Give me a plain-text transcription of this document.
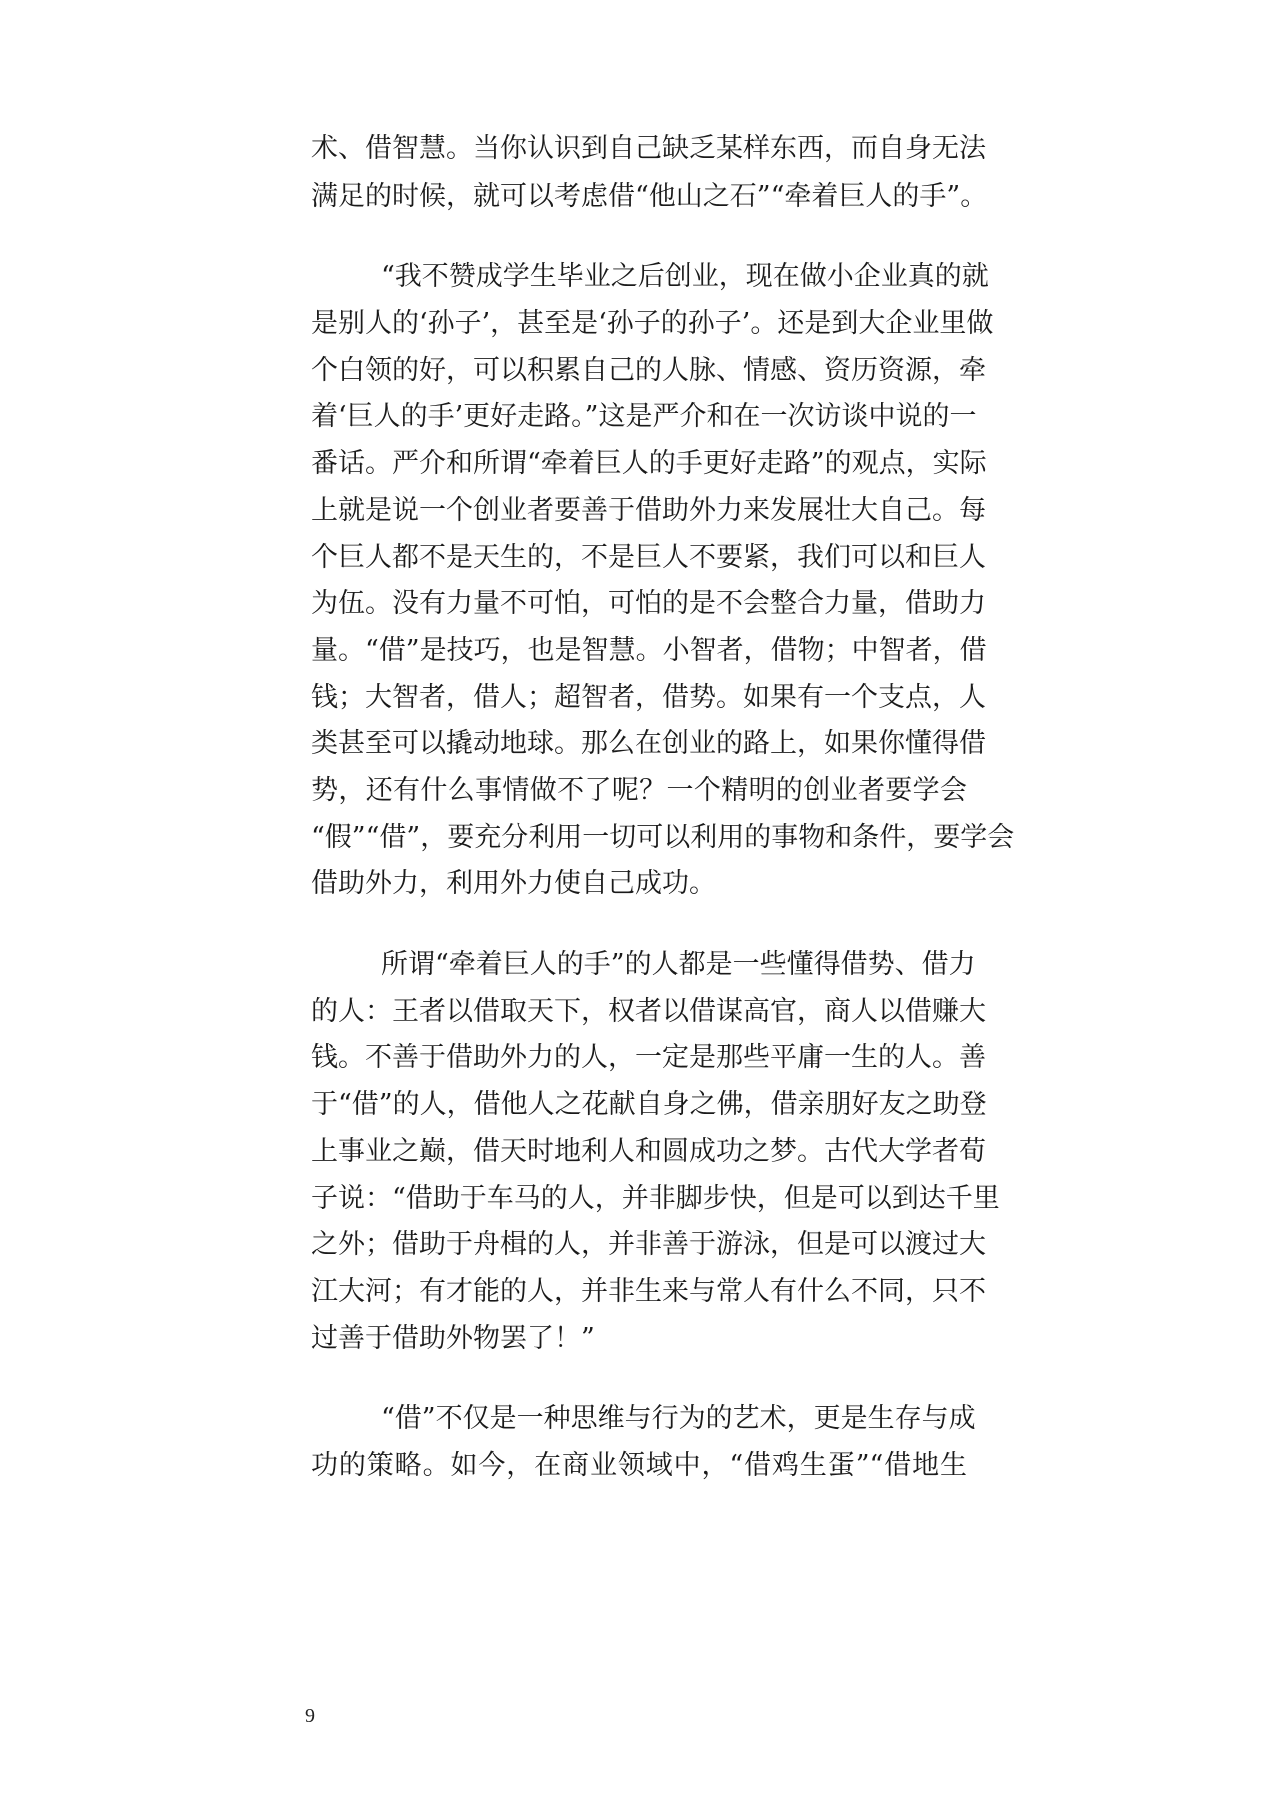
术、借智慧。当你认识到自己缺乏某样东西，而自身无法
满足的时候，就可以考虑借“他山之石”“牵着巨人的手”。
“我不赞成学生毕业之后创业，现在做小企业真的就
是别人的‘孙子’，甚至是‘孙子的孙子’。还是到大企业里做
个白领的好，可以积累自己的人脉、情感、资历资源，牵
着‘巨人的手’更好走路。”这是严介和在一次访谈中说的一
番话。严介和所谓“牵着巨人的手更好走路”的观点，实际
上就是说一个创业者要善于借助外力来发展壮大自己。每
个巨人都不是天生的，不是巨人不要紧，我们可以和巨人
为伍。没有力量不可怕，可怕的是不会整合力量，借助力
量。“借”是技巧，也是智慧。小智者，借物；中智者，借
钱；大智者，借人；超智者，借势。如果有一个支点，人
类甚至可以撬动地球。那么在创业的路上，如果你懂得借
势，还有什么事情做不了呢？一个精明的创业者要学会
“假”“借”，要充分利用一切可以利用的事物和条件，要学会
借助外力，利用外力使自己成功。
所谓“牵着巨人的手”的人都是一些懂得借势、借力
的人：王者以借取天下，权者以借谋高官，商人以借赚大
钱。不善于借助外力的人，一定是那些平庸一生的人。善
于“借”的人，借他人之花献自身之佛，借亲朋好友之助登
上事业之巅，借天时地利人和圆成功之梦。古代大学者荀
子说：“借助于车马的人，并非脚步快，但是可以到达千里
之外；借助于舟楫的人，并非善于游泳，但是可以渡过大
江大河；有才能的人，并非生来与常人有什么不同，只不
过善于借助外物罢了！”
“借”不仅是一种思维与行为的艺术，更是生存与成
功的策略。如今，在商业领域中，“借鸡生蛋”“借地生
9
